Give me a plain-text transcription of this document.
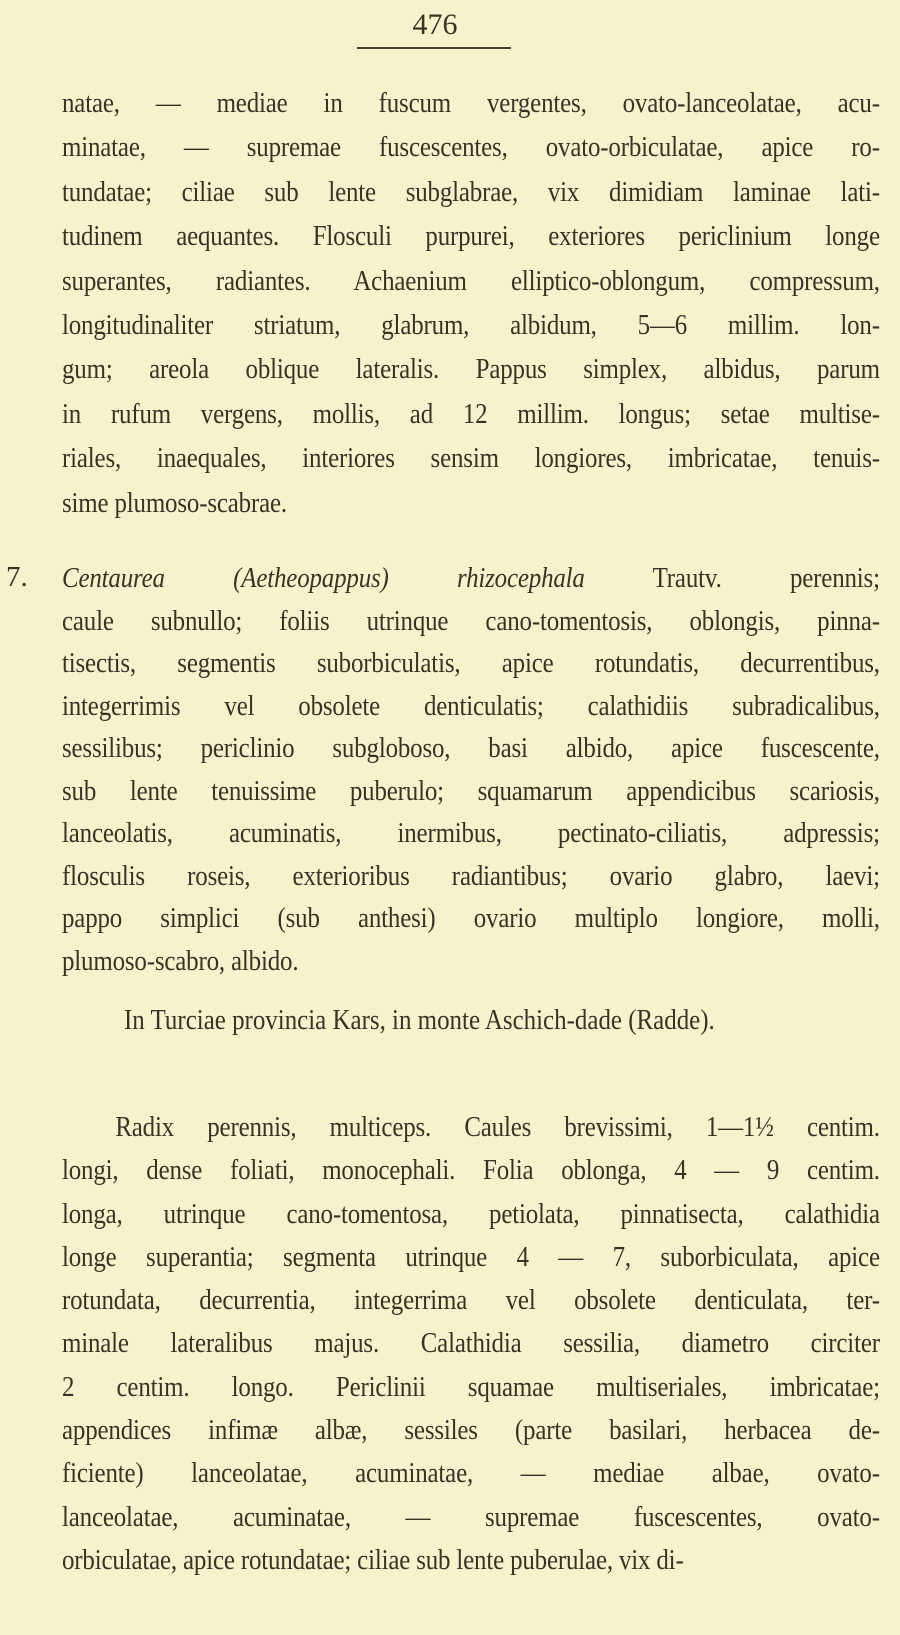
476
natae, — mediae in fuscum vergentes, ovato-lanceolatae, acu-
minatae, — supremae fuscescentes, ovato-orbiculatae, apice ro-
tundatae; ciliae sub lente subglabrae, vix dimidiam laminae lati-
tudinem aequantes. Flosculi purpurei, exteriores periclinium longe
superantes, radiantes. Achaenium elliptico-oblongum, compressum,
longitudinaliter striatum, glabrum, albidum, 5—6 millim. lon-
gum; areola oblique lateralis. Pappus simplex, albidus, parum
in rufum vergens, mollis, ad 12 millim. longus; setae multise-
riales, inaequales, interiores sensim longiores, imbricatae, tenuis-
sime plumoso-scabrae.
7. Centaurea (Aetheopappus) rhizocephala Trautv. perennis;
caule subnullo; foliis utrinque cano-tomentosis, oblongis, pinna-
tisectis, segmentis suborbiculatis, apice rotundatis, decurrentibus,
integerrimis vel obsolete denticulatis; calathidiis subradicalibus,
sessilibus; periclinio subgloboso, basi albido, apice fuscescente,
sub lente tenuissime puberulo; squamarum appendicibus scariosis,
lanceolatis, acuminatis, inermibus, pectinato-ciliatis, adpressis;
flosculis roseis, exterioribus radiantibus; ovario glabro, laevi;
pappo simplici (sub anthesi) ovario multiplo longiore, molli,
plumoso-scabro, albido.
In Turciae provincia Kars, in monte Aschich-dade (Radde).
Radix perennis, multiceps. Caules brevissimi, 1—1½ centim.
longi, dense foliati, monocephali. Folia oblonga, 4 — 9 centim.
longa, utrinque cano-tomentosa, petiolata, pinnatisecta, calathidia
longe superantia; segmenta utrinque 4 — 7, suborbiculata, apice
rotundata, decurrentia, integerrima vel obsolete denticulata, ter-
minale lateralibus majus. Calathidia sessilia, diametro circiter
2 centim. longo. Periclinii squamae multiseriales, imbricatae;
appendices infimæ albæ, sessiles (parte basilari, herbacea de-
ficiente) lanceolatae, acuminatae, — mediae albae, ovato-
lanceolatae, acuminatae, — supremae fuscescentes, ovato-
orbiculatae, apice rotundatae; ciliae sub lente puberulae, vix di-
